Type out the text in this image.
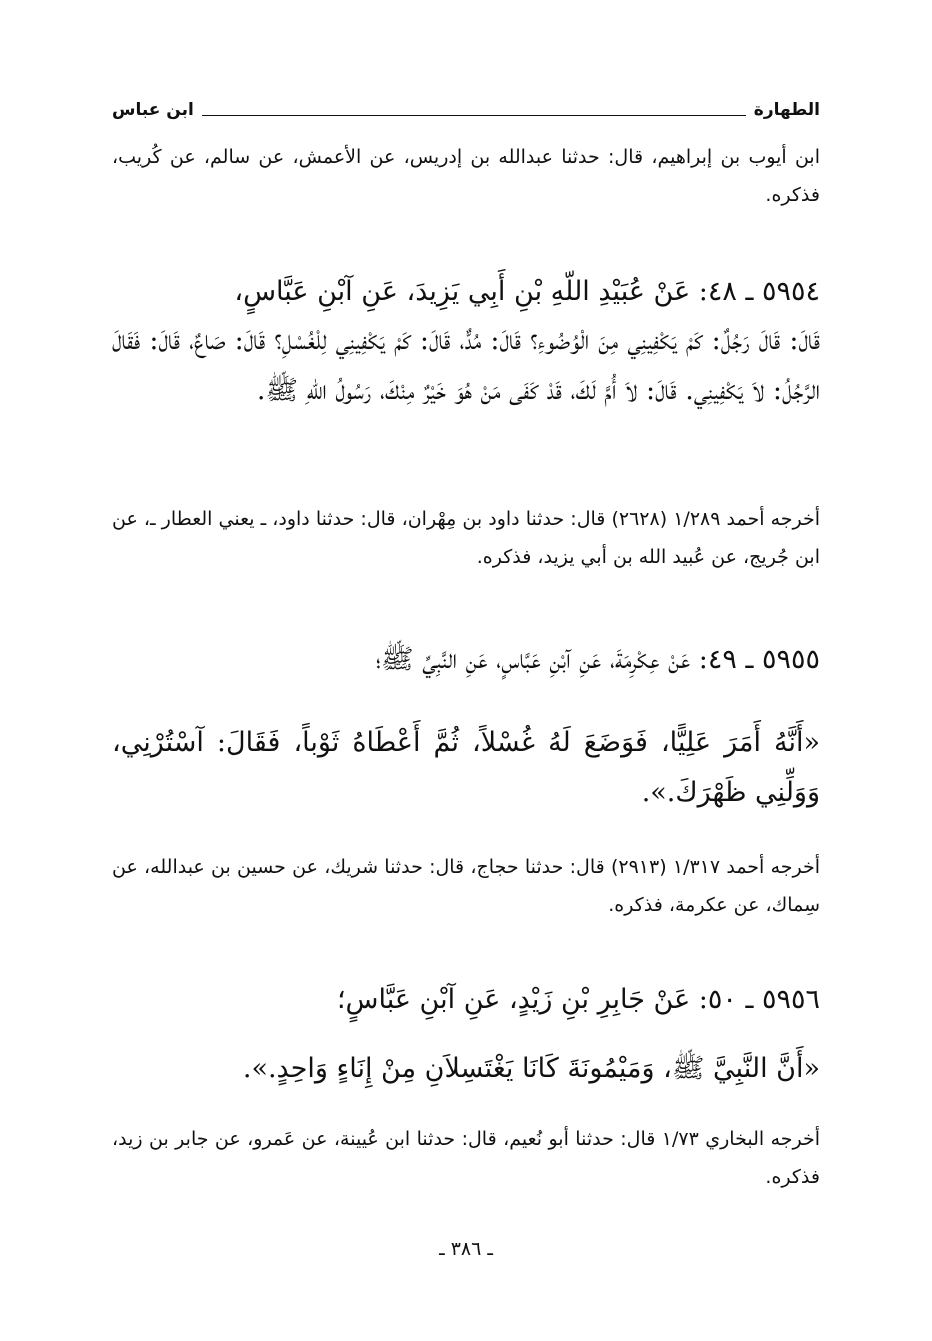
الطهارة
ابن عباس
ابن أيوب بن إبراهيم، قال: حدثنا عبدالله بن إدريس، عن الأعمش، عن سالم، عن كُريب، فذكره.
٥٩٥٤ ـ ٤٨: عَنْ عُبَيْدِ اللّهِ بْنِ أَبِي يَزِيدَ، عَنِ آبْنِ عَبَّاسٍ،
قَالَ: قَالَ رَجُلٌ: كَمْ يَكْفِينِي مِنَ الْوُضُوءِ؟ قَالَ: مُدٌّ، قَالَ: كَمْ يَكْفِينِي لِلْغُسْلِ؟ قَالَ: صَاعٌ، قَالَ: فَقَالَ الرَّجُلُ: لاَ يَكْفِينِي. قَالَ: لاَ أُمَّ لَكَ، قَدْ كَفَى مَنْ هُوَ خَيْرٌ مِنْكَ، رَسُولُ اللّهِ ﷺ.
أخرجه أحمد ١/٢٨٩ (٢٦٢٨) قال: حدثنا داود بن مِهْران، قال: حدثنا داود، ـ يعني العطار ـ، عن ابن جُريج، عن عُبيد الله بن أبي يزيد، فذكره.
٥٩٥٥ ـ ٤٩: عَنْ عِكْرِمَةَ، عَنِ آبْنِ عَبَّاسٍ، عَنِ النَّبِيِّ ﷺ؛
«أَنَّهُ أَمَرَ عَلِيًّا، فَوَضَعَ لَهُ غُسْلاً، ثُمَّ أَعْطَاهُ ثَوْباً، فَقَالَ: آسْتُرْنِي، وَوَلِّنِي ظَهْرَكَ.».
أخرجه أحمد ١/٣١٧ (٢٩١٣) قال: حدثنا حجاج، قال: حدثنا شريك، عن حسين بن عبدالله، عن سِماك، عن عكرمة، فذكره.
٥٩٥٦ ـ ٥٠: عَنْ جَابِرِ بْنِ زَيْدٍ، عَنِ آبْنِ عَبَّاسٍ؛
«أَنَّ النَّبِيَّ ﷺ، وَمَيْمُونَةَ كَانَا يَغْتَسِلاَنِ مِنْ إِنَاءٍ وَاحِدٍ.».
أخرجه البخاري ١/٧٣ قال: حدثنا أبو نُعيم، قال: حدثنا ابن عُيينة، عن عَمرو، عن جابر بن زيد، فذكره.
ـ ٣٨٦ ـ
